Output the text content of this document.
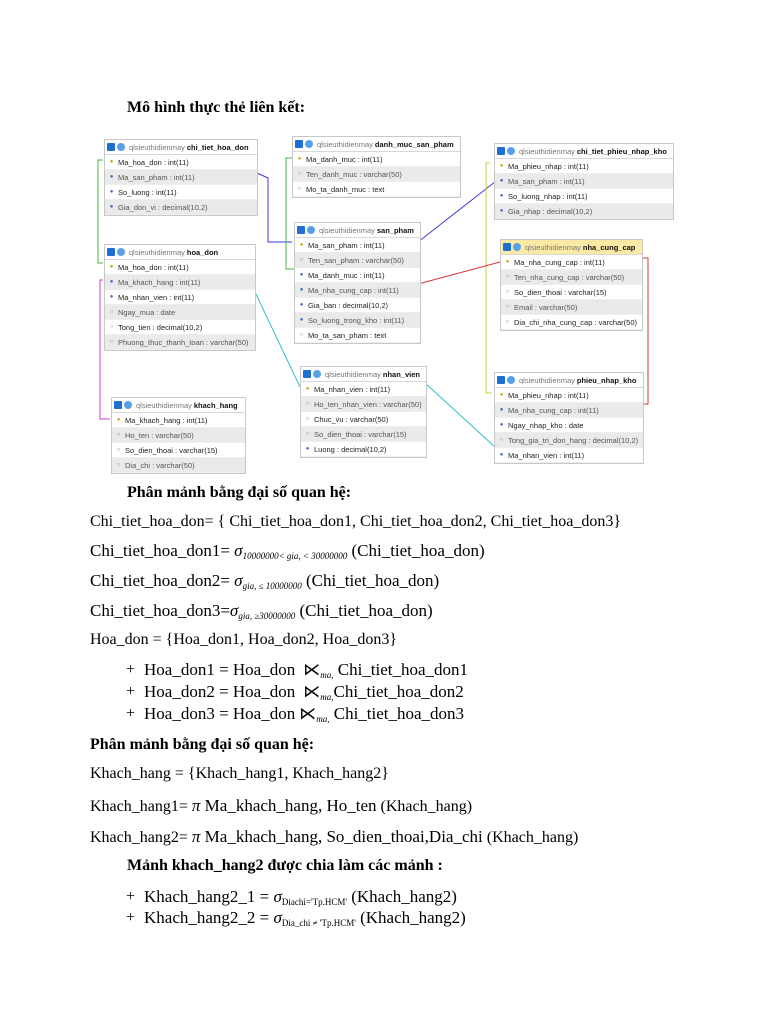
Mô hình thực thẻ liên kết:
qlsieuthidienmay chi_tiet_hoa_don
● Ma_hoa_don : int(11)
● Ma_san_pham : int(11)
● So_luong : int(11)
● Gia_don_vi : decimal(10,2)
qlsieuthidienmay danh_muc_san_pham
● Ma_danh_muc : int(11)
○ Ten_danh_muc : varchar(50)
○ Mo_ta_danh_muc : text
qlsieuthidienmay chi_tiet_phieu_nhap_kho
● Ma_phieu_nhap : int(11)
● Ma_san_pham : int(11)
● So_luong_nhap : int(11)
● Gia_nhap : decimal(10,2)
qlsieuthidienmay hoa_don
● Ma_hoa_don : int(11)
● Ma_khach_hang : int(11)
● Ma_nhan_vien : int(11)
○ Ngay_mua : date
○ Tong_tien : decimal(10,2)
○ Phuong_thuc_thanh_toan : varchar(50)
qlsieuthidienmay san_pham
● Ma_san_pham : int(11)
○ Ten_san_pham : varchar(50)
● Ma_danh_muc : int(11)
● Ma_nha_cung_cap : int(11)
● Gia_ban : decimal(10,2)
● So_luong_trong_kho : int(11)
○ Mo_ta_san_pham : text
qlsieuthidienmay nha_cung_cap
● Ma_nha_cung_cap : int(11)
○ Ten_nha_cung_cap : varchar(50)
○ So_dien_thoai : varchar(15)
○ Email : varchar(50)
○ Dia_chi_nha_cung_cap : varchar(50)
qlsieuthidienmay nhan_vien
● Ma_nhan_vien : int(11)
○ Ho_ten_nhan_vien : varchar(50)
○ Chuc_vu : varchar(50)
○ So_dien_thoai : varchar(15)
● Luong : decimal(10,2)
qlsieuthidienmay khach_hang
● Ma_khach_hang : int(11)
○ Ho_ten : varchar(50)
○ So_dien_thoai : varchar(15)
○ Dia_chi : varchar(50)
qlsieuthidienmay phieu_nhap_kho
● Ma_phieu_nhap : int(11)
● Ma_nha_cung_cap : int(11)
● Ngay_nhap_kho : date
○ Tong_gia_tri_don_hang : decimal(10,2)
● Ma_nhan_vien : int(11)
Phân mảnh bằng đại số quan hệ:
Chi_tiet_hoa_don= { Chi_tiet_hoa_don1, Chi_tiet_hoa_don2, Chi_tiet_hoa_don3}
Chi_tiet_hoa_don1= $\sigma_{10000000< gia, < 30000000}$ (Chi_tiet_hoa_don)
Chi_tiet_hoa_don2= $\sigma_{gia, \le 10000000}$ (Chi_tiet_hoa_don)
$Chi\_tiet\_hoa\_don3=\sigma_{gia, \ge 30000000}$ (Chi_tiet_hoa_don)
Hoa_don = {Hoa_don1, Hoa_don2, Hoa_don3}
+ Hoa_don1 = Hoa_don $⋉_{ma,}$ Chi_tiet_hoa_don1
+ Hoa_don2 = Hoa_don $⋉_{ma,}Chi\_tiet\_hoa\_don2$
+ Hoa_don3 = Hoa_don $⋉_{ma,}$ Chi_tiet_hoa_don3
Phân mảnh bằng đại số quan hệ:
Khach_hang = {Khach_hang1, Khach_hang2}
Khach_hang1= π Ma_khach_hang, Ho_ten (Khach_hang)
Khach_hang2= π Ma_khach_hang, So_dien_thoai,Dia_chi (Khach_hang)
Mảnh khach_hang2 được chia làm các mảnh :
+ Khach_hang2_1 = $\sigma_{Diachi='Tp.HCM'}$ (Khach_hang2)
+ Khach_hang2_2 = $\sigma_{Dia\_chi \ne 'Tp.HCM'}$ (Khach_hang2)
